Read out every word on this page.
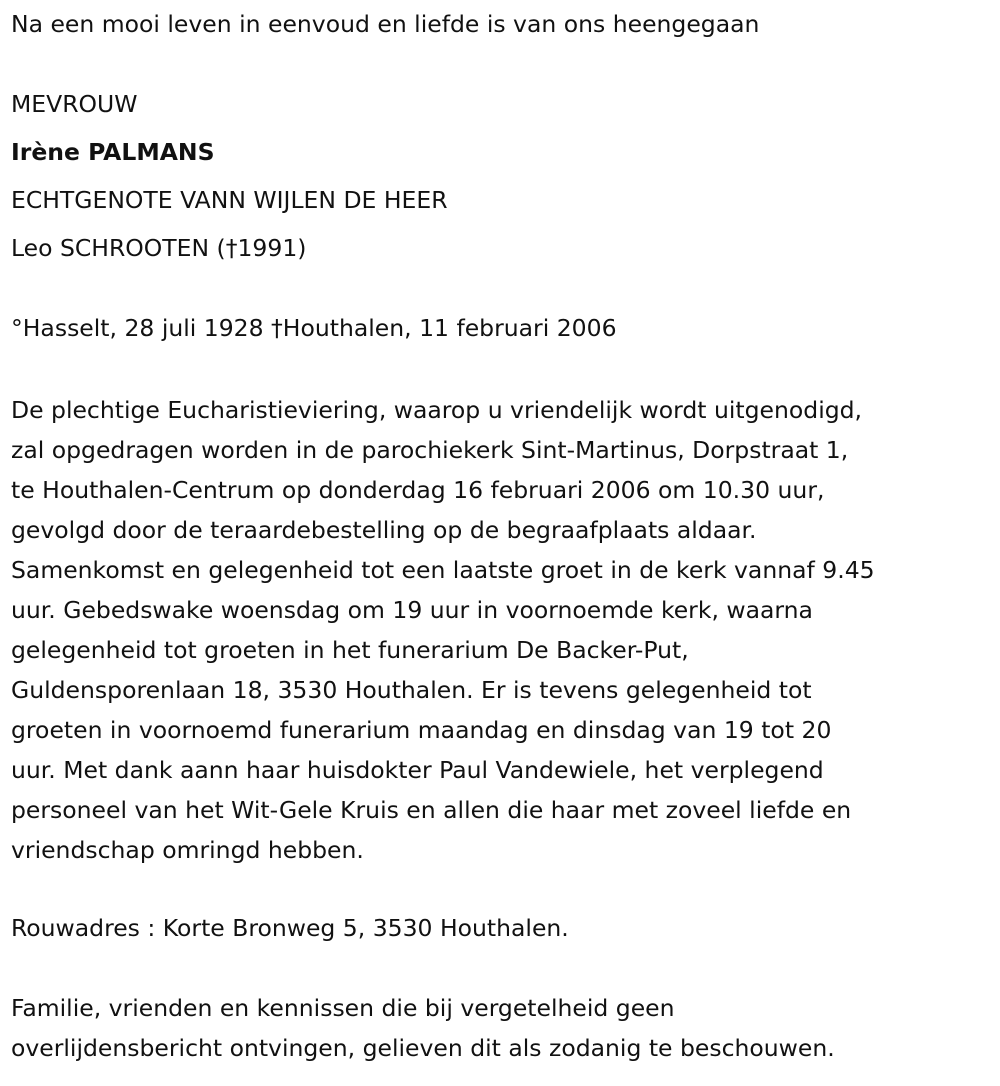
Na een mooi leven in eenvoud en liefde is van ons heengegaan

MEVROUW

Irène PALMANS

ECHTGENOTE VANN WIJLEN DE HEER

Leo SCHROOTEN (†1991)

°Hasselt, 28 juli 1928 †Houthalen, 11 februari 2006

De plechtige Eucharistieviering, waarop u vriendelijk wordt uitgenodigd,
zal opgedragen worden in de parochiekerk Sint-Martinus, Dorpstraat 1,
te Houthalen-Centrum op donderdag 16 februari 2006 om 10.30 uur,
gevolgd door de teraardebestelling op de begraafplaats aldaar.
Samenkomst en gelegenheid tot een laatste groet in de kerk vannaf 9.45
uur. Gebedswake woensdag om 19 uur in voornoemde kerk, waarna
gelegenheid tot groeten in het funerarium De Backer-Put,
Guldensporenlaan 18, 3530 Houthalen. Er is tevens gelegenheid tot
groeten in voornoemd funerarium maandag en dinsdag van 19 tot 20
uur. Met dank aann haar huisdokter Paul Vandewiele, het verplegend
personeel van het Wit-Gele Kruis en allen die haar met zoveel liefde en
vriendschap omringd hebben.

Rouwadres : Korte Bronweg 5, 3530 Houthalen.

Familie, vrienden en kennissen die bij vergetelheid geen
overlijdensbericht ontvingen, gelieven dit als zodanig te beschouwen.
